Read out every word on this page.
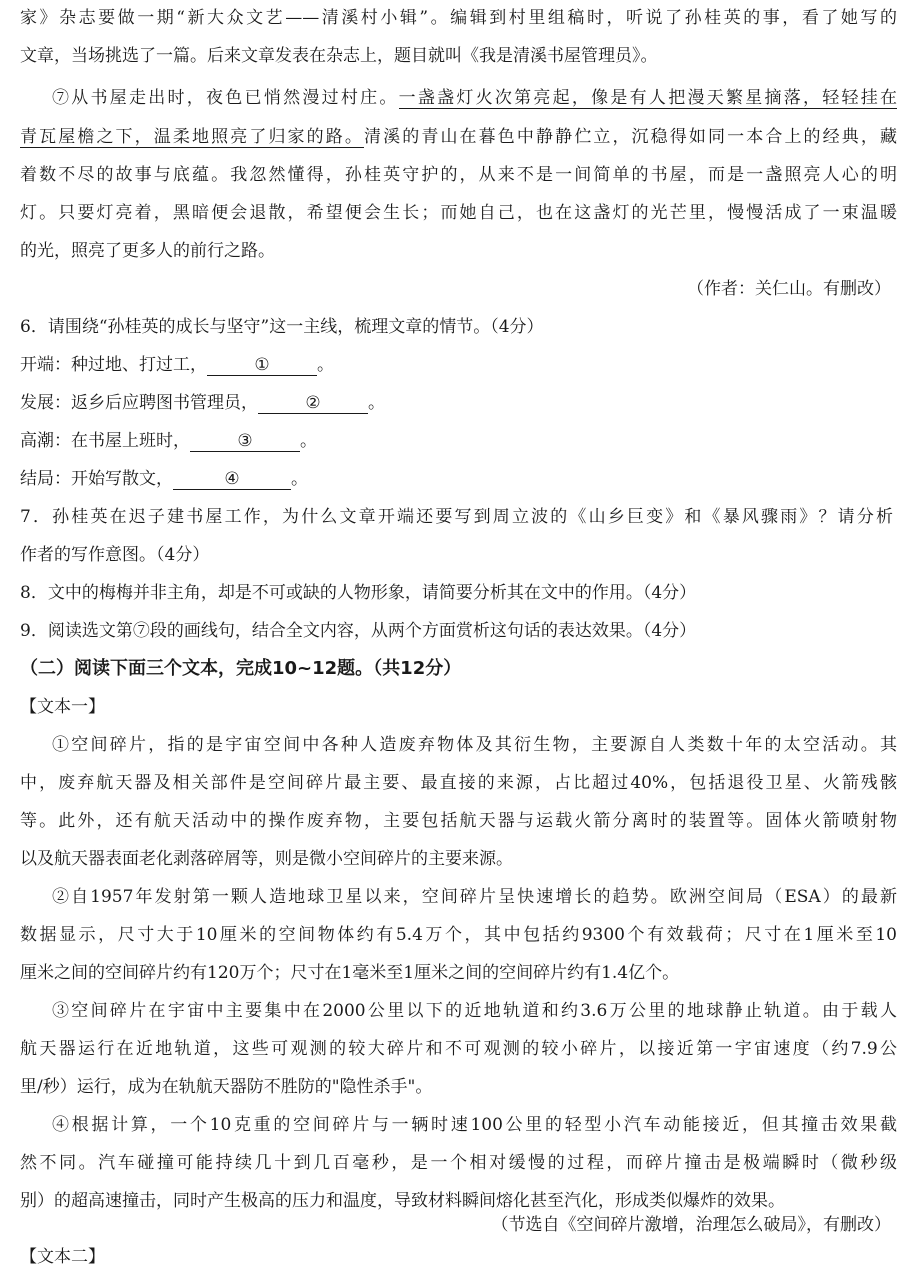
家》杂志要做一期“新大众文艺——清溪村小辑”。编辑到村里组稿时，听说了孙桂英的事，看了她写的
文章，当场挑选了一篇。后来文章发表在杂志上，题目就叫《我是清溪书屋管理员》。
⑦从书屋走出时，夜色已悄然漫过村庄。一盏盏灯火次第亮起，像是有人把漫天繁星摘落，轻轻挂在
青瓦屋檐之下，温柔地照亮了归家的路。清溪的青山在暮色中静静伫立，沉稳得如同一本合上的经典，藏
着数不尽的故事与底蕴。我忽然懂得，孙桂英守护的，从来不是一间简单的书屋，而是一盏照亮人心的明
灯。只要灯亮着，黑暗便会退散，希望便会生长；而她自己，也在这盏灯的光芒里，慢慢活成了一束温暖
的光，照亮了更多人的前行之路。
（作者：关仁山。有删改）
6．请围绕“孙桂英的成长与坚守”这一主线，梳理文章的情节。（4分）
开端：种过地、打过工，	①	。
发展：返乡后应聘图书管理员，	②	。
高潮：在书屋上班时，	③	。
结局：开始写散文，	④	。
7．孙桂英在迟子建书屋工作，为什么文章开端还要写到周立波的《山乡巨变》和《暴风骤雨》？请分析
作者的写作意图。（4分）
8．文中的梅梅并非主角，却是不可或缺的人物形象，请简要分析其在文中的作用。（4分）
9．阅读选文第⑦段的画线句，结合全文内容，从两个方面赏析这句话的表达效果。（4分）
（二）阅读下面三个文本，完成10~12题。（共12分）
【文本一】
①空间碎片，指的是宇宙空间中各种人造废弃物体及其衍生物，主要源自人类数十年的太空活动。其
中，废弃航天器及相关部件是空间碎片最主要、最直接的来源，占比超过40%，包括退役卫星、火箭残骸
等。此外，还有航天活动中的操作废弃物，主要包括航天器与运载火箭分离时的装置等。固体火箭喷射物
以及航天器表面老化剥落碎屑等，则是微小空间碎片的主要来源。
②自1957年发射第一颗人造地球卫星以来，空间碎片呈快速增长的趋势。欧洲空间局（ESA）的最新
数据显示，尺寸大于10厘米的空间物体约有5.4万个，其中包括约9300个有效载荷；尺寸在1厘米至10
厘米之间的空间碎片约有120万个；尺寸在1毫米至1厘米之间的空间碎片约有1.4亿个。
③空间碎片在宇宙中主要集中在2000公里以下的近地轨道和约3.6万公里的地球静止轨道。由于载人
航天器运行在近地轨道，这些可观测的较大碎片和不可观测的较小碎片，以接近第一宇宙速度（约7.9公
里/秒）运行，成为在轨航天器防不胜防的"隐性杀手"。
④根据计算，一个10克重的空间碎片与一辆时速100公里的轻型小汽车动能接近，但其撞击效果截
然不同。汽车碰撞可能持续几十到几百毫秒，是一个相对缓慢的过程，而碎片撞击是极端瞬时（微秒级
别）的超高速撞击，同时产生极高的压力和温度，导致材料瞬间熔化甚至汽化，形成类似爆炸的效果。
（节选自《空间碎片激增，治理怎么破局》，有删改）
【文本二】
